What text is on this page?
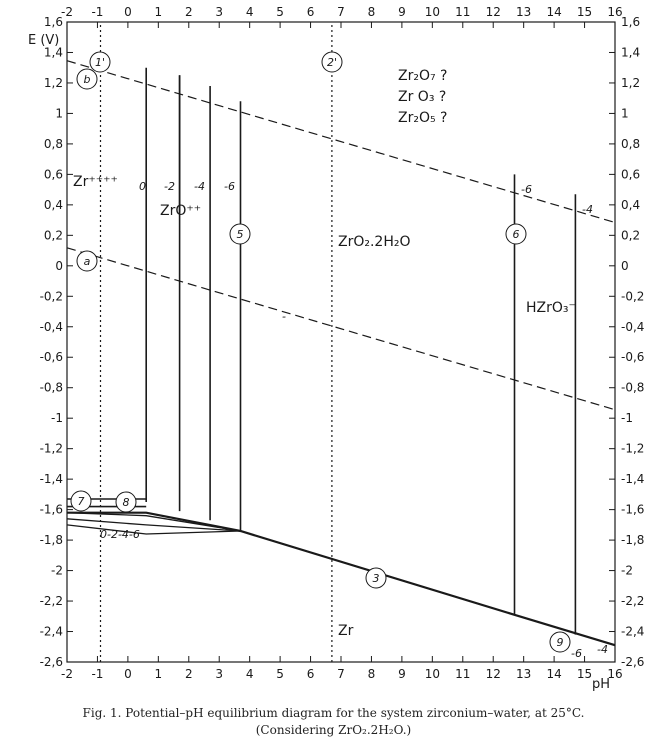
-2
-2
-1
-1
0
0
1
1
2
2
3
3
4
4
5
5
6
6
7
7
8
8
9
9
10
10
11
11
12
12
13
13
14
14
15
15
16
16
1,6	1,6
1,4	1,4
1,2	1,2
1	1
0,8	0,8
0,6	0,6
0,4	0,4
0,2	0,2
0	0
-0,2	-0,2
-0,4	-0,4
-0,6	-0,6
-0,8	-0,8
-1	-1
-1,2	-1,2
-1,4	-1,4
-1,6	-1,6
-1,8	-1,8
-2	-2
-2,2	-2,2
-2,4	-2,4
-2,6	-2,6
E (V)
pH
Zr⁺⁺⁺⁺
ZrO⁺⁺
ZrO₂.2H₂O
HZrO₃⁻
Zr
Zr₂O₇ ?
Zr O₃ ?
Zr₂O₅ ?
-
0 -2 -4 -6	-6
-4
0-2-4-6
-6 -4
a
b
1'	2'
3
5	6
7	8
9
Fig. 1. Potential–pH equilibrium diagram for the system zirconium–water, at 25°C.
(Considering ZrO₂.2H₂O.)
